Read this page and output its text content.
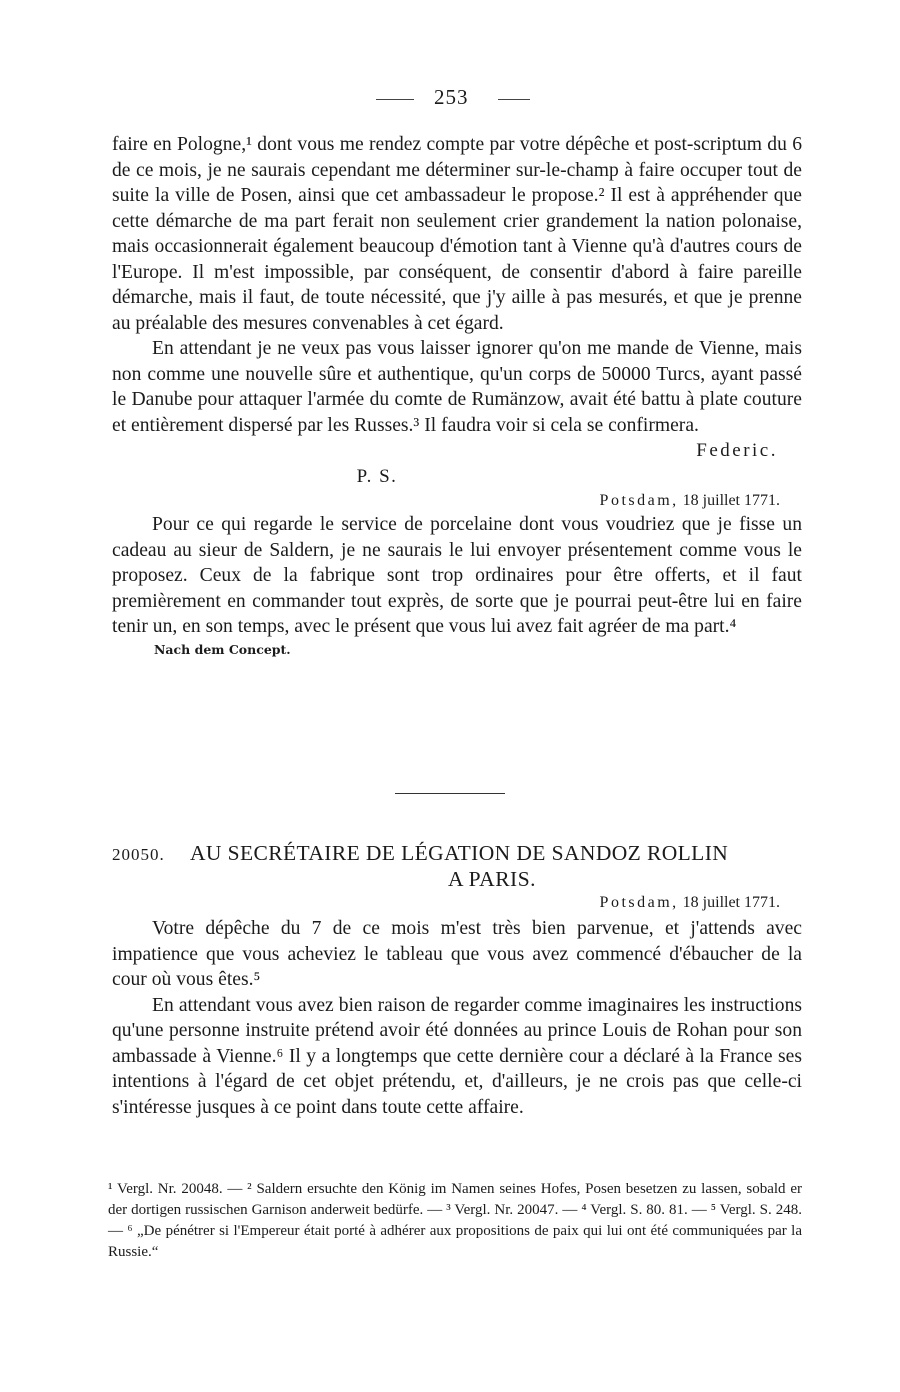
253

faire en Pologne,¹ dont vous me rendez compte par votre dépêche et post-scriptum du 6 de ce mois, je ne saurais cependant me déterminer sur-le-champ à faire occuper tout de suite la ville de Posen, ainsi que cet ambassadeur le propose.² Il est à appréhender que cette démarche de ma part ferait non seulement crier grandement la nation polonaise, mais occasionnerait également beaucoup d'émotion tant à Vienne qu'à d'autres cours de l'Europe. Il m'est impossible, par conséquent, de consentir d'abord à faire pareille démarche, mais il faut, de toute nécessité, que j'y aille à pas mesurés, et que je prenne au préalable des mesures convenables à cet égard.

En attendant je ne veux pas vous laisser ignorer qu'on me mande de Vienne, mais non comme une nouvelle sûre et authentique, qu'un corps de 50000 Turcs, ayant passé le Danube pour attaquer l'armée du comte de Rumänzow, avait été battu à plate couture et entièrement dispersé par les Russes.³ Il faudra voir si cela se confirmera.

Federic.
P. S.
Potsdam, 18 juillet 1771.

Pour ce qui regarde le service de porcelaine dont vous voudriez que je fisse un cadeau au sieur de Saldern, je ne saurais le lui envoyer présentement comme vous le proposez. Ceux de la fabrique sont trop ordinaires pour être offerts, et il faut premièrement en commander tout exprès, de sorte que je pourrai peut-être lui en faire tenir un, en son temps, avec le présent que vous lui avez fait agréer de ma part.⁴

Nach dem Concept.
20050.	AU SECRÉTAIRE DE LÉGATION DE SANDOZ ROLLIN
A PARIS.
Potsdam, 18 juillet 1771.

Votre dépêche du 7 de ce mois m'est très bien parvenue, et j'attends avec impatience que vous acheviez le tableau que vous avez commencé d'ébaucher de la cour où vous êtes.⁵

En attendant vous avez bien raison de regarder comme imaginaires les instructions qu'une personne instruite prétend avoir été données au prince Louis de Rohan pour son ambassade à Vienne.⁶ Il y a longtemps que cette dernière cour a déclaré à la France ses intentions à l'égard de cet objet prétendu, et, d'ailleurs, je ne crois pas que celle-ci s'intéresse jusques à ce point dans toute cette affaire.

¹ Vergl. Nr. 20048. — ² Saldern ersuchte den König im Namen seines Hofes, Posen besetzen zu lassen, sobald er der dortigen russischen Garnison anderweit bedürfe. — ³ Vergl. Nr. 20047. — ⁴ Vergl. S. 80. 81. — ⁵ Vergl. S. 248. — ⁶ „De pénétrer si l'Empereur était porté à adhérer aux propositions de paix qui lui ont été communiquées par la Russie.“
